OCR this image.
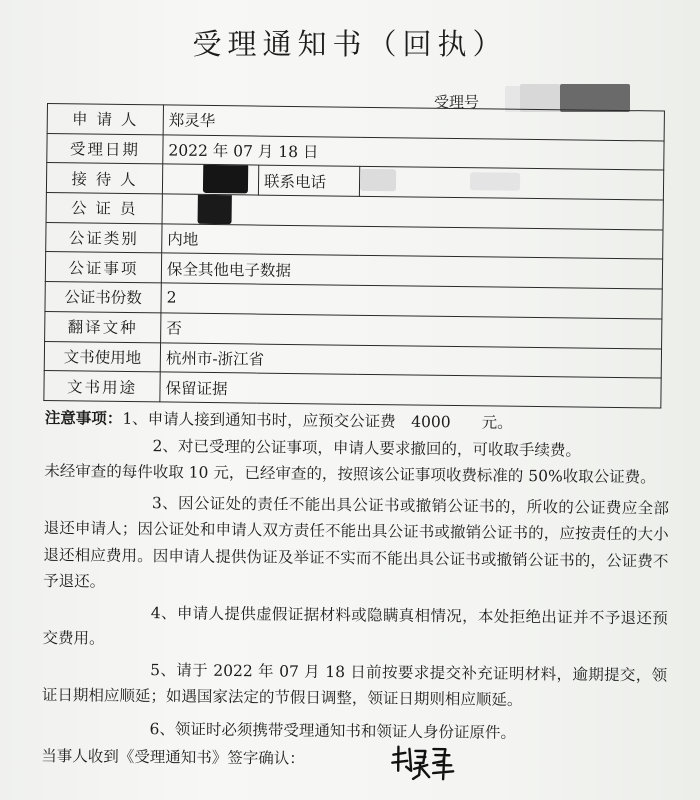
受理通知书（回执）
受理号
申 请 人	郑灵华		
受理日期	2022 年 07 月 18 日		
接 待 人		联系电话	

公 证 员			

公证类别	内地		
公证事项	保全其他电子数据		
公证书份数	2		
翻译文种	否		
文书使用地	杭州市-浙江省		
文书用途	保留证据		

注意事项：1、申请人接到通知书时，应预交公证费　4000　　元。

2、对已受理的公证事项，申请人要求撤回的，可收取手续费。

未经审查的每件收取 10 元，已经审查的，按照该公证事项收费标准的 50%收取公证费。

3、因公证处的责任不能出具公证书或撤销公证书的，所收的公证费应全部退还申请人；因公证处和申请人双方责任不能出具公证书或撤销公证书的，应按责任的大小退还相应费用。因申请人提供伪证及举证不实而不能出具公证书或撤销公证书的，公证费不予退还。

4、申请人提供虚假证据材料或隐瞒真相情况，本处拒绝出证并不予退还预交费用。

5、请于 2022 年 07 月 18 日前按要求提交补充证明材料，逾期提交，领证日期相应顺延；如遇国家法定的节假日调整，领证日期则相应顺延。

6、领证时必须携带受理通知书和领证人身份证原件。

当事人收到《受理通知书》签字确认：
